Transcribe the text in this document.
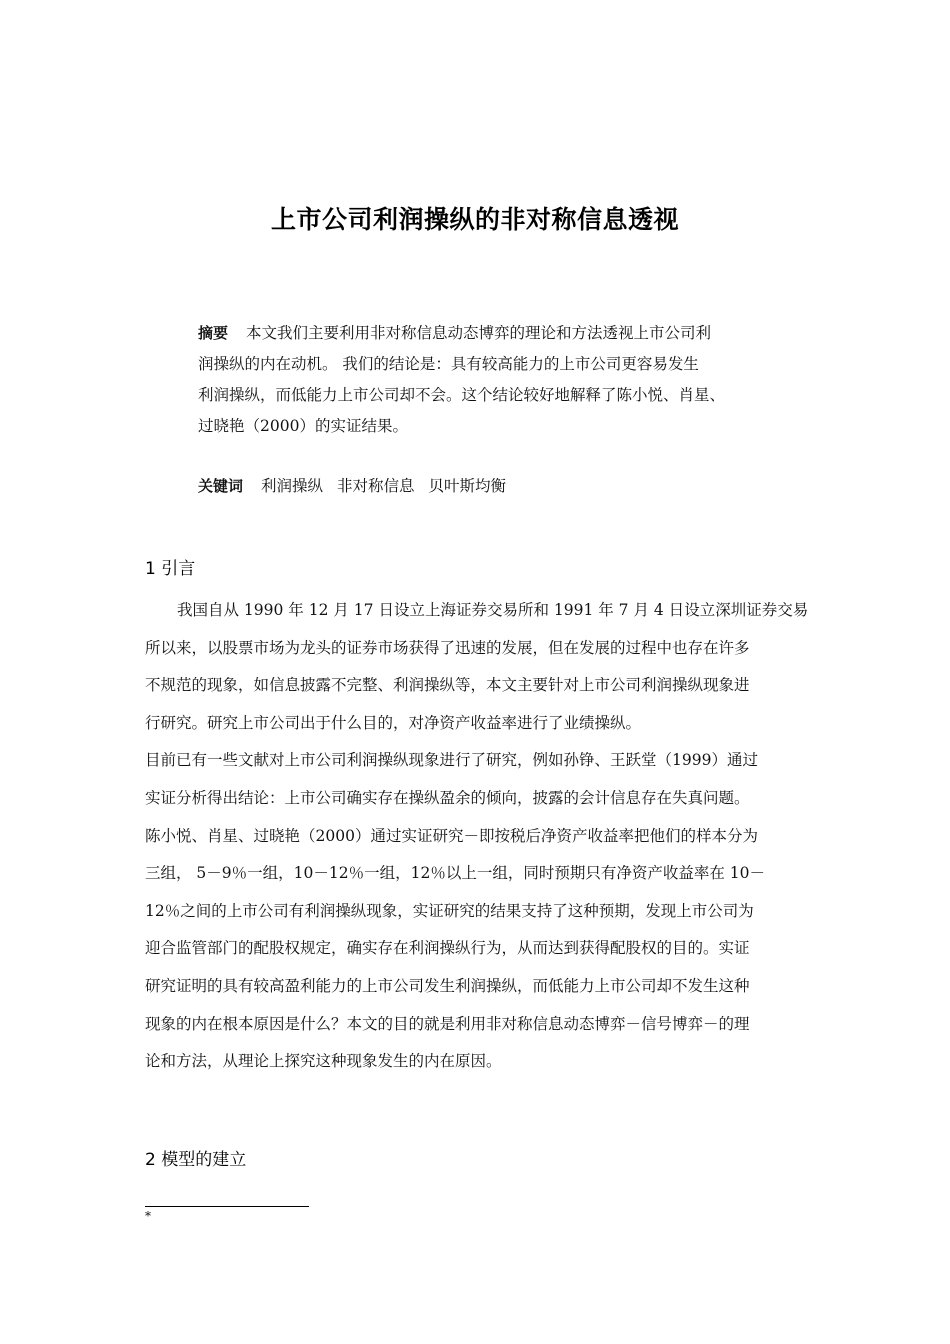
上市公司利润操纵的非对称信息透视
摘要 本文我们主要利用非对称信息动态博弈的理论和方法透视上市公司利
润操纵的内在动机。 我们的结论是：具有较高能力的上市公司更容易发生
利润操纵，而低能力上市公司却不会。这个结论较好地解释了陈小悦、肖星、
过晓艳（2000）的实证结果。
关键词 利润操纵 非对称信息 贝叶斯均衡
1 引言
我国自从 1990 年 12 月 17 日设立上海证券交易所和 1991 年 7 月 4 日设立深圳证券交易
所以来，以股票市场为龙头的证券市场获得了迅速的发展，但在发展的过程中也存在许多
不规范的现象，如信息披露不完整、利润操纵等，本文主要针对上市公司利润操纵现象进
行研究。研究上市公司出于什么目的，对净资产收益率进行了业绩操纵。
目前已有一些文献对上市公司利润操纵现象进行了研究，例如孙铮、王跃堂（1999）通过
实证分析得出结论：上市公司确实存在操纵盈余的倾向，披露的会计信息存在失真问题。
陈小悦、肖星、过晓艳（2000）通过实证研究－即按税后净资产收益率把他们的样本分为
三组， 5－9％一组，10－12％一组，12％以上一组，同时预期只有净资产收益率在 10－
12％之间的上市公司有利润操纵现象，实证研究的结果支持了这种预期，发现上市公司为
迎合监管部门的配股权规定，确实存在利润操纵行为，从而达到获得配股权的目的。实证
研究证明的具有较高盈利能力的上市公司发生利润操纵，而低能力上市公司却不发生这种
现象的内在根本原因是什么？本文的目的就是利用非对称信息动态博弈－信号博弈－的理
论和方法，从理论上探究这种现象发生的内在原因。
2 模型的建立
*
